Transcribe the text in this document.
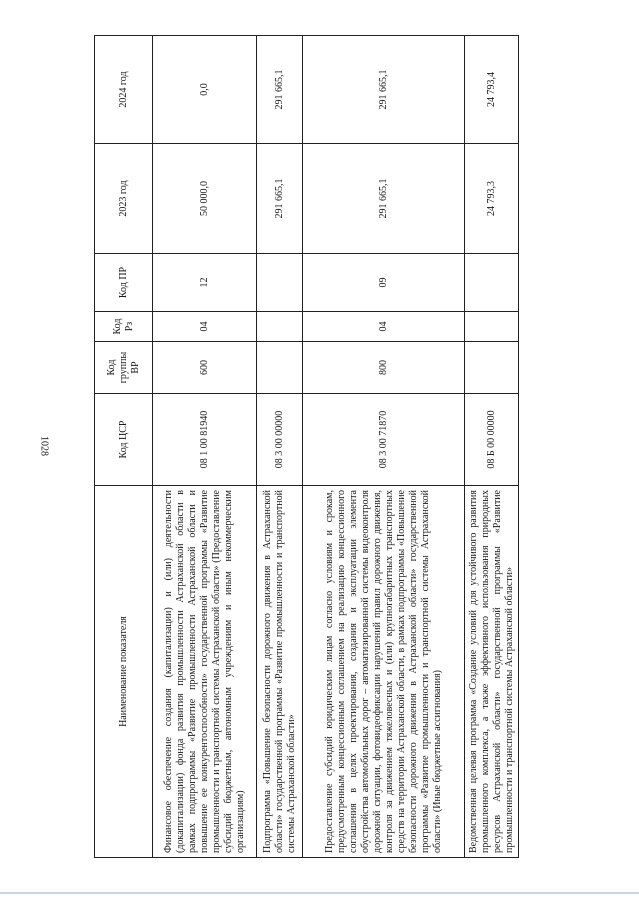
1028
Наименование показателя	Код ЦСР	Код группы ВР	Код Рз	Код ПР	2023 год	2024 год
Финансовое обеспечение создания (капитализации) и (или) деятельности (докапитализации) фонда развития промышленности Астраханской области в рамках подпрограммы «Развитие промышленности Астраханской области и повышение ее конкурентоспособности» государственной программы «Развитие промышленности и транспортной системы Астраханской области» (Предоставление субсидий бюджетным, автономным учреждениям и иным некоммерческим организациям)	08 1 00 81940	600	04	12	50 000,0	0,0
Подпрограмма «Повышение безопасности дорожного движения в Астраханской области» государственной программы «Развитие промышленности и транспортной системы Астраханской области»	08 3 00 00000				291 665,1	291 665,1
Предоставление субсидий юридическим лицам согласно условиям и срокам, предусмотренным концессионным соглашением на реализацию концессионного соглашения в целях проектирования, создания и эксплуатации элемента обустройства автомобильных дорог – автоматизированной системы видеоконтроля дорожной ситуации, фотовидеофиксации нарушений правил дорожного движения, контроля за движением тяжеловесных и (или) крупногабаритных транспортных средств на территории Астраханской области, в рамках подпрограммы «Повышение безопасности дорожного движения в Астраханской области» государственной программы «Развитие промышленности и транспортной системы Астраханской области» (Иные бюджетные ассигнования)	08 3 00 71870	800	04	09	291 665,1	291 665,1
Ведомственная целевая программа «Создание условий для устойчивого развития промышленного комплекса, а также эффективного использования природных ресурсов Астраханской области» государственной программы «Развитие промышленности и транспортной системы Астраханской области»	08 Б 00 00000				24 793,3	24 793,4
